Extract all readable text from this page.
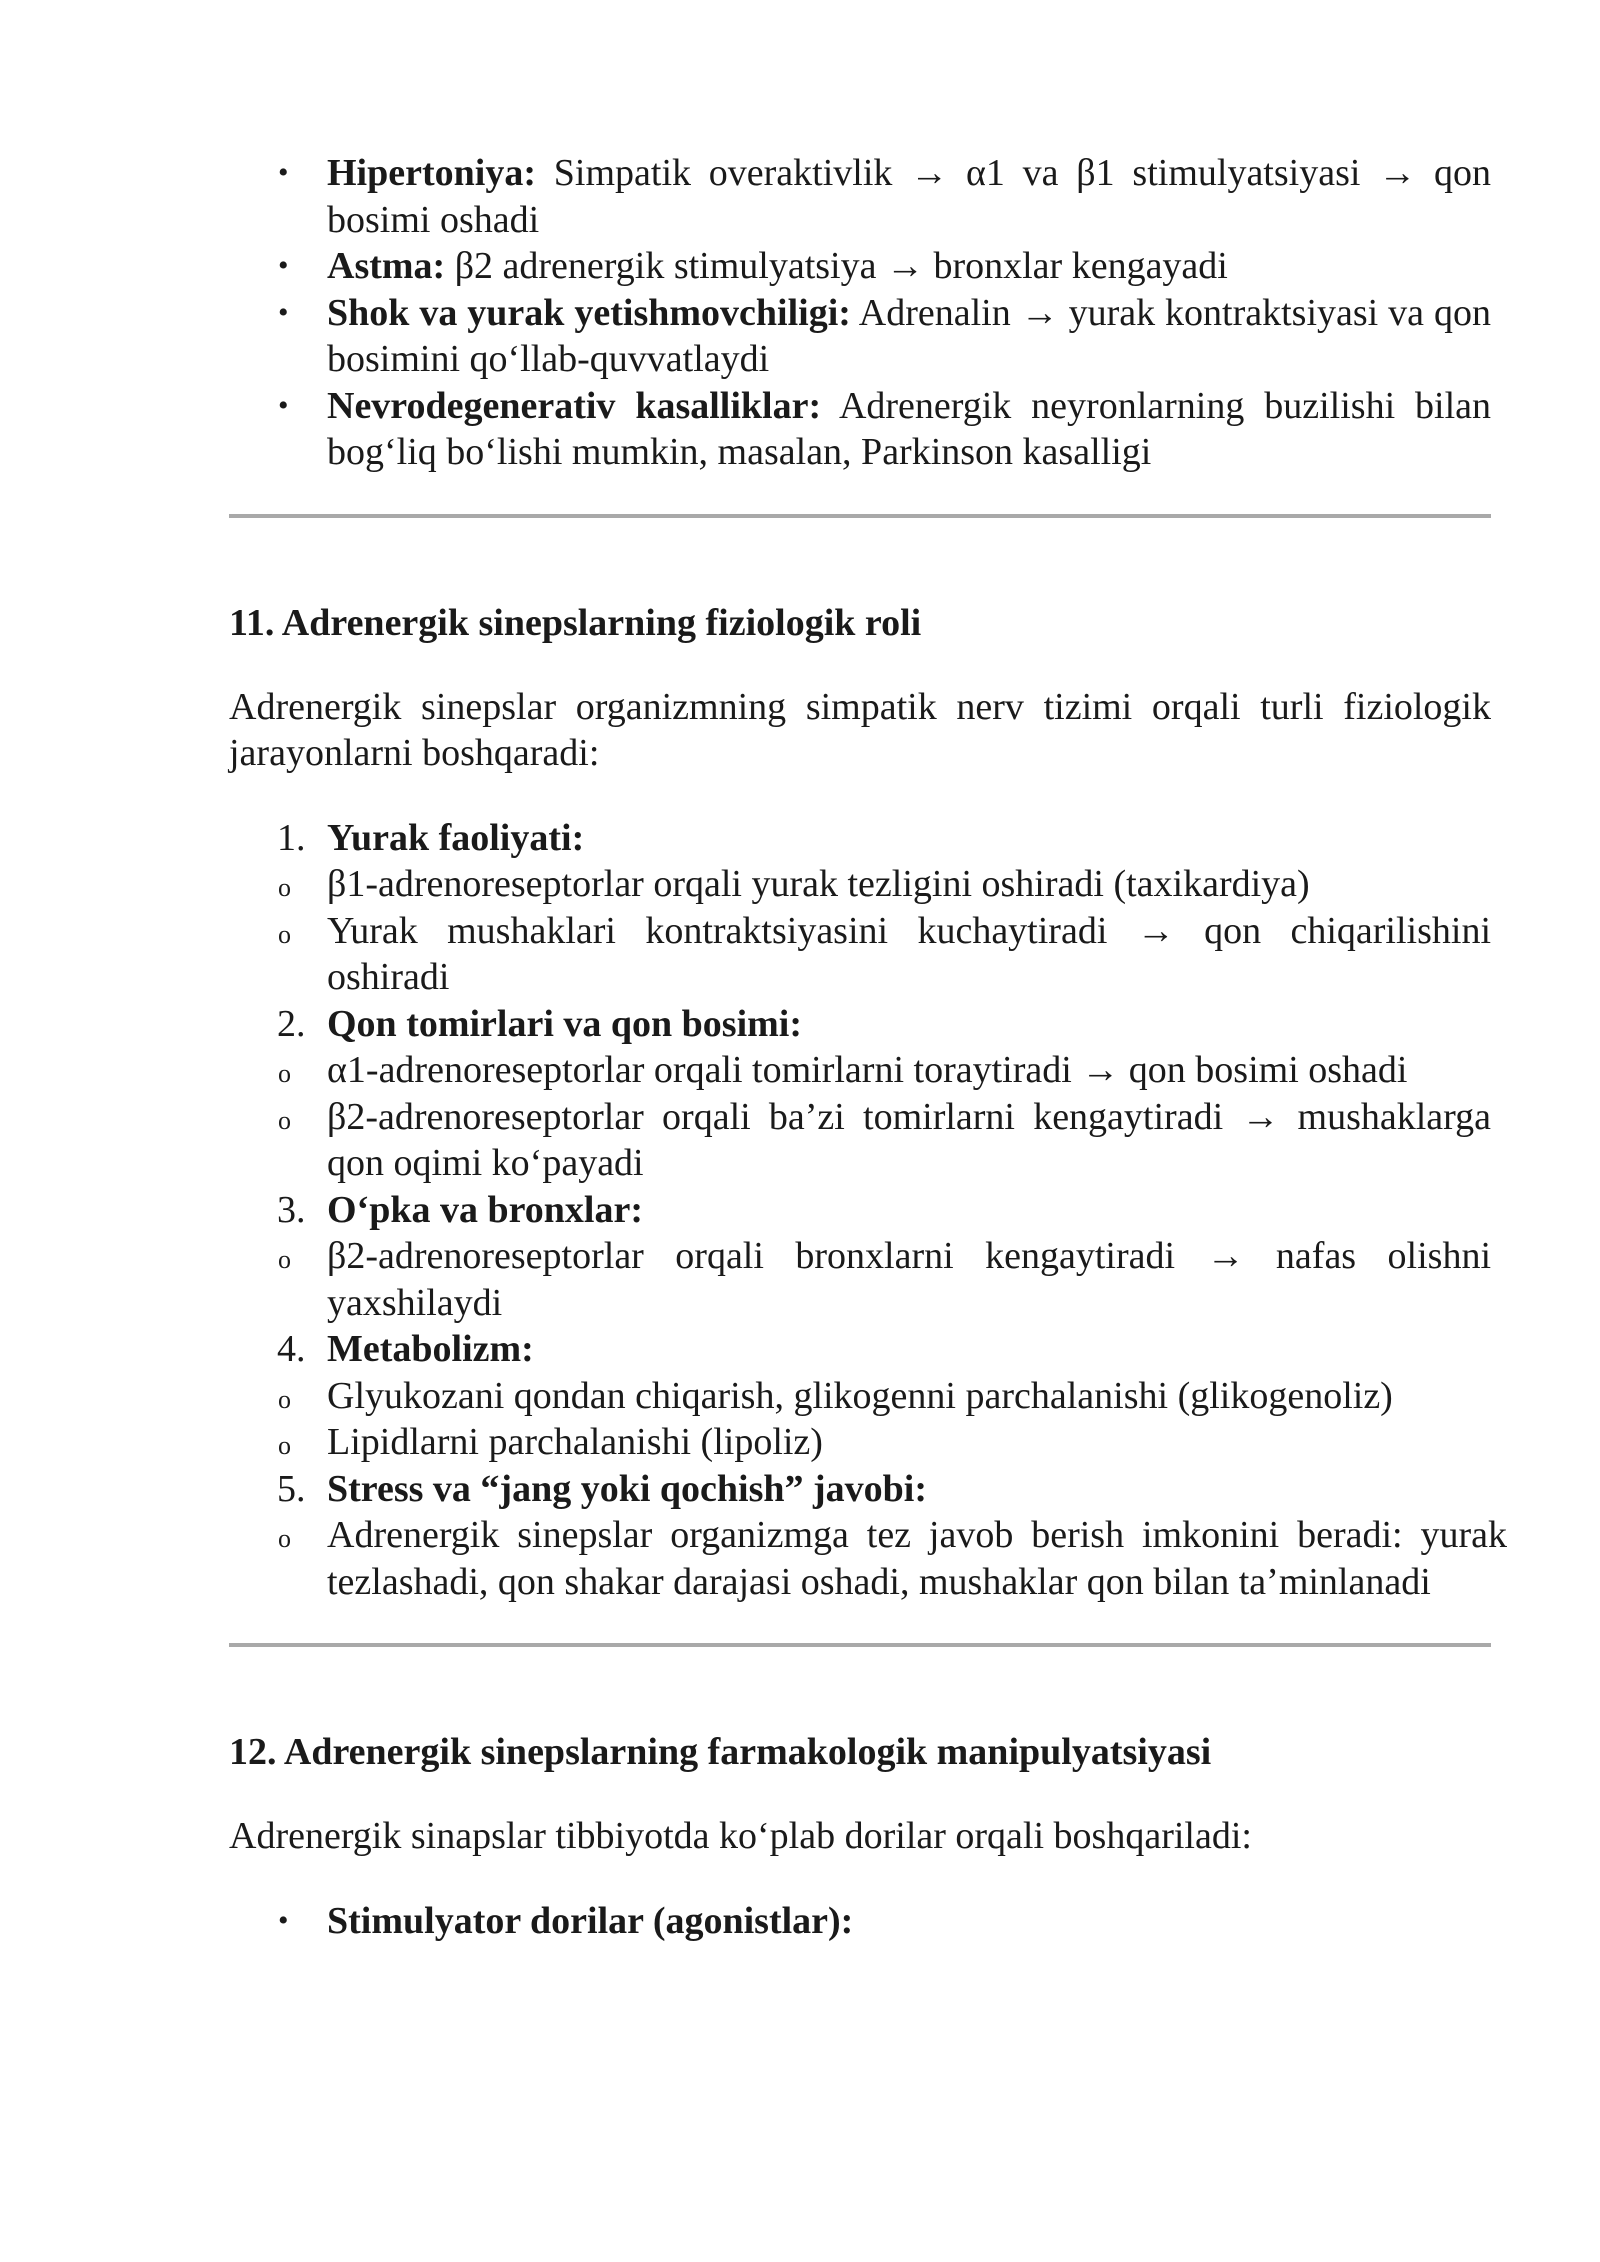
• Hipertoniya: Simpatik overaktivlik → α1 va β1 stimulyatsiyasi → qon bosimi oshadi
• Astma: β2 adrenergik stimulyatsiya → bronxlar kengayadi
• Shok va yurak yetishmovchiligi: Adrenalin → yurak kontraktsiyasi va qon bosimini qo‘llab-quvvatlaydi
• Nevrodegenerativ kasalliklar: Adrenergik neyronlarning buzilishi bilan bog‘liq bo‘lishi mumkin, masalan, Parkinson kasalligi
11. Adrenergik sinepslarning fiziologik roli

Adrenergik sinepslar organizmning simpatik nerv tizimi orqali turli fiziologik jarayonlarni boshqaradi:

1. Yurak faoliyati:
o β1-adrenoreseptorlar orqali yurak tezligini oshiradi (taxikardiya)
o Yurak mushaklari kontraktsiyasini kuchaytiradi → qon chiqarilishini oshiradi
2. Qon tomirlari va qon bosimi:
o α1-adrenoreseptorlar orqali tomirlarni toraytiradi → qon bosimi oshadi
o β2-adrenoreseptorlar orqali ba’zi tomirlarni kengaytiradi → mushaklarga qon oqimi ko‘payadi
3. O‘pka va bronxlar:
o β2-adrenoreseptorlar orqali bronxlarni kengaytiradi → nafas olishni yaxshilaydi
4. Metabolizm:
o Glyukozani qondan chiqarish, glikogenni parchalanishi (glikogenoliz)
o Lipidlarni parchalanishi (lipoliz)
5. Stress va “jang yoki qochish” javobi:
o Adrenergik sinepslar organizmga tez javob berish imkonini beradi: yurak tezlashadi, qon shakar darajasi oshadi, mushaklar qon bilan ta’minlanadi
12. Adrenergik sinepslarning farmakologik manipulyatsiyasi

Adrenergik sinapslar tibbiyotda ko‘plab dorilar orqali boshqariladi:

• Stimulyator dorilar (agonistlar):
